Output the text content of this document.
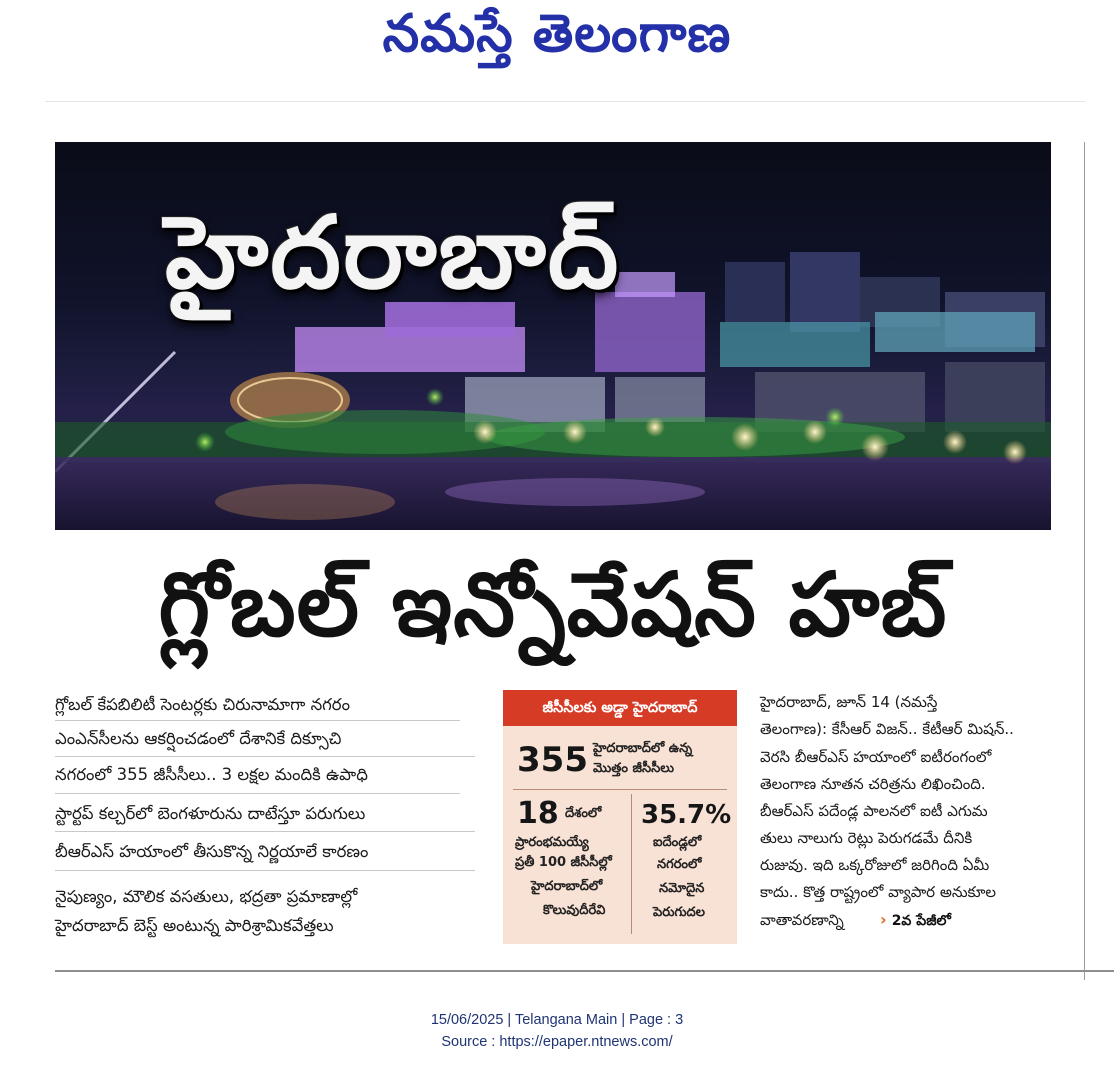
నమస్తే తెలంగాణ
హైదరాబాద్
గ్లోబల్ ఇన్నోవేషన్ హబ్
గ్లోబల్ కేపబిలిటీ సెంటర్లకు చిరునామాగా నగరం
ఎంఎన్‌సీలను ఆకర్షించడంలో దేశానికే దిక్సూచి
నగరంలో 355 జీసీసీలు.. 3 లక్షల మందికి ఉపాధి
స్టార్టప్ కల్చర్‌లో బెంగళూరును దాటేస్తూ పరుగులు
బీఆర్‌ఎస్ హయాంలో తీసుకొన్న నిర్ణయాలే కారణం
నైపుణ్యం, మౌలిక వసతులు, భద్రతా ప్రమాణాల్లో
హైదరాబాద్ బెస్ట్ అంటున్న పారిశ్రామికవేత్తలు
జీసీసీలకు అడ్డా హైదరాబాద్
355 హైదరాబాద్‌లో ఉన్న
మొత్తం జీసీసీలు
18 దేశంలో
ప్రారంభమయ్యే
ప్రతీ 100 జీసీసీల్లో
హైదరాబాద్‌లో
కొలువుదీరేవి
35.7%
ఐదేండ్లలో
నగరంలో
నమోదైన
పెరుగుదల
హైదరాబాద్, జూన్ 14 (నమస్తే
తెలంగాణ): కేసీఆర్ విజన్.. కేటీఆర్ మిషన్..
వెరసి బీఆర్‌ఎస్ హయాంలో ఐటీరంగంలో
తెలంగాణ నూతన చరిత్రను లిఖించింది.
బీఆర్‌ఎస్ పదేండ్ల పాలనలో ఐటీ ఎగుమ
తులు నాలుగు రెట్లు పెరుగడమే దీనికి
రుజువు. ఇది ఒక్కరోజులో జరిగింది ఏమీ
కాదు.. కొత్త రాష్ట్రంలో వ్యాపార అనుకూల
వాతావరణాన్ని › 2వ పేజీలో
15/06/2025 | Telangana Main | Page : 3
Source : https://epaper.ntnews.com/
